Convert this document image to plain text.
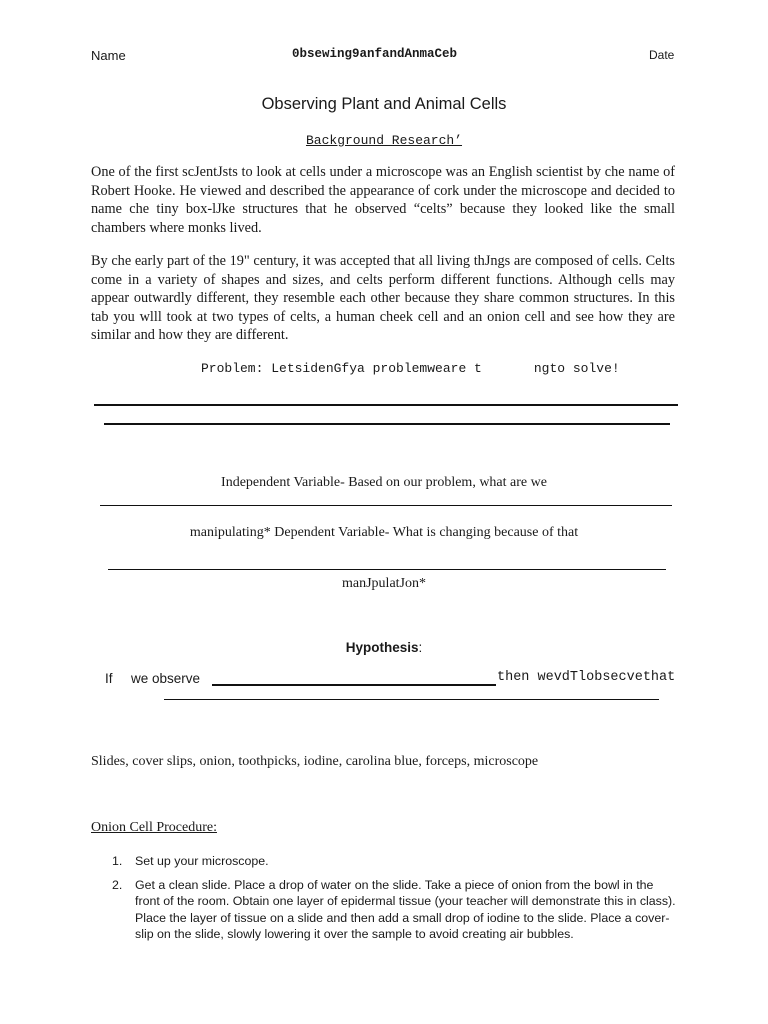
Name	0bsewing9anfandAnmaCeb	Date
Observing Plant and Animal Cells
Background Research’

One of the first scJentJsts to look at cells under a microscope was an English scientist by che name of Robert Hooke. He viewed and described the appearance of cork under the microscope and decided to name che tiny box-lJke structures that he observed “celts” because they looked like the small chambers where monks lived.

By che early part of the 19" century, it was accepted that all living thJngs are composed of cells. Celts come in a variety of shapes and sizes, and celts perform different functions. Although cells may appear outwardly different, they resemble each other because they share common structures. In this tab you wlll took at two types of celts, a human cheek cell and an onion cell and see how they are similar and how they are different.

Problem: LetsidenGfya problemweare t	ngto solve!
Independent Variable- Based on our problem, what are we
manipulating* Dependent Variable- What is changing because of that
manJpulatJon*
Hypothesis:
If we observe	then wevdTlobsecvethat
Slides, cover slips, onion, toothpicks, iodine, carolina blue, forceps, microscope
Onion Cell Procedure:
1. Set up your microscope.
2. Get a clean slide. Place a drop of water on the slide. Take a piece of onion from the bowl in the front of the room. Obtain one layer of epidermal tissue (your teacher will demonstrate this in class). Place the layer of tissue on a slide and then add a small drop of iodine to the slide. Place a cover-slip on the slide, slowly lowering it over the sample to avoid creating air bubbles.
